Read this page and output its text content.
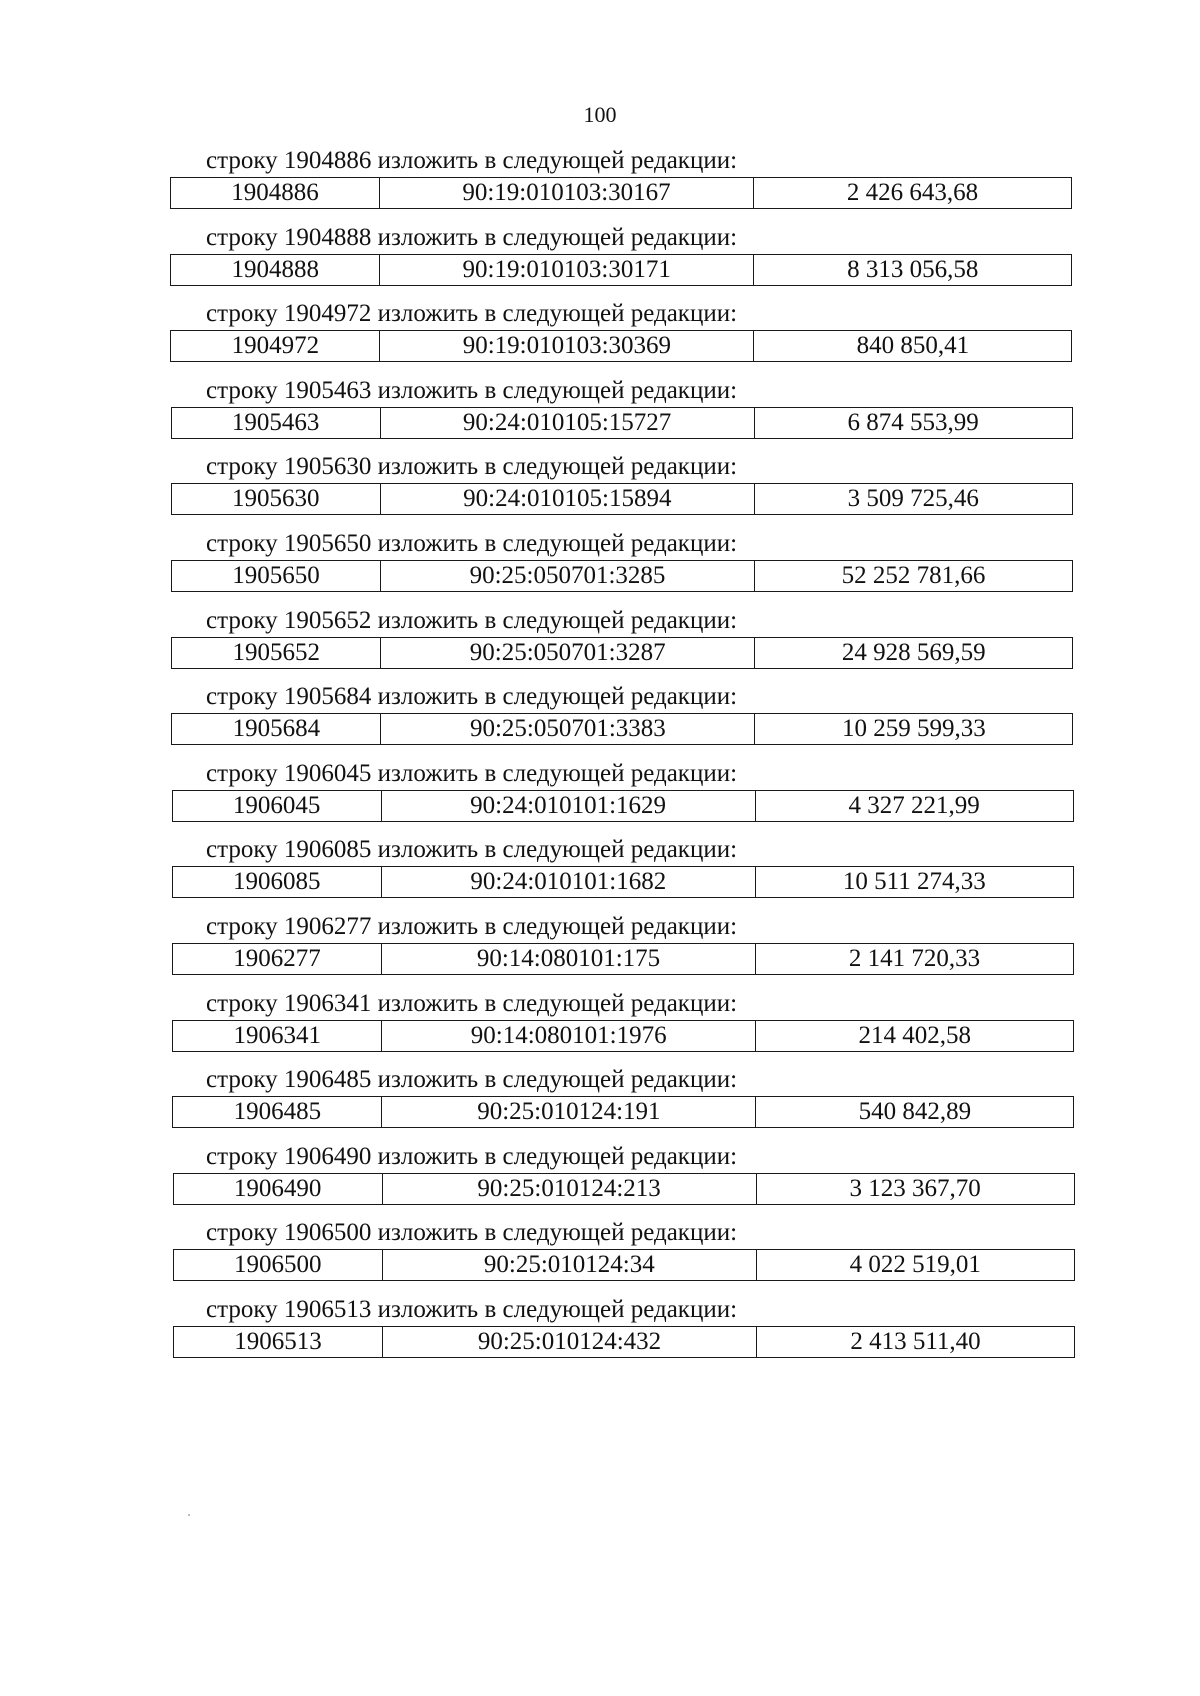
100
строку 1904886 изложить в следующей редакции:
1904886	90:19:010103:30167	2 426 643,68
строку 1904888 изложить в следующей редакции:
1904888	90:19:010103:30171	8 313 056,58
строку 1904972 изложить в следующей редакции:
1904972	90:19:010103:30369	840 850,41
строку 1905463 изложить в следующей редакции:
1905463	90:24:010105:15727	6 874 553,99
строку 1905630 изложить в следующей редакции:
1905630	90:24:010105:15894	3 509 725,46
строку 1905650 изложить в следующей редакции:
1905650	90:25:050701:3285	52 252 781,66
строку 1905652 изложить в следующей редакции:
1905652	90:25:050701:3287	24 928 569,59
строку 1905684 изложить в следующей редакции:
1905684	90:25:050701:3383	10 259 599,33
строку 1906045 изложить в следующей редакции:
1906045	90:24:010101:1629	4 327 221,99
строку 1906085 изложить в следующей редакции:
1906085	90:24:010101:1682	10 511 274,33
строку 1906277 изложить в следующей редакции:
1906277	90:14:080101:175	2 141 720,33
строку 1906341 изложить в следующей редакции:
1906341	90:14:080101:1976	214 402,58
строку 1906485 изложить в следующей редакции:
1906485	90:25:010124:191	540 842,89
строку 1906490 изложить в следующей редакции:
1906490	90:25:010124:213	3 123 367,70
строку 1906500 изложить в следующей редакции:
1906500	90:25:010124:34	4 022 519,01
строку 1906513 изложить в следующей редакции:
1906513	90:25:010124:432	2 413 511,40
